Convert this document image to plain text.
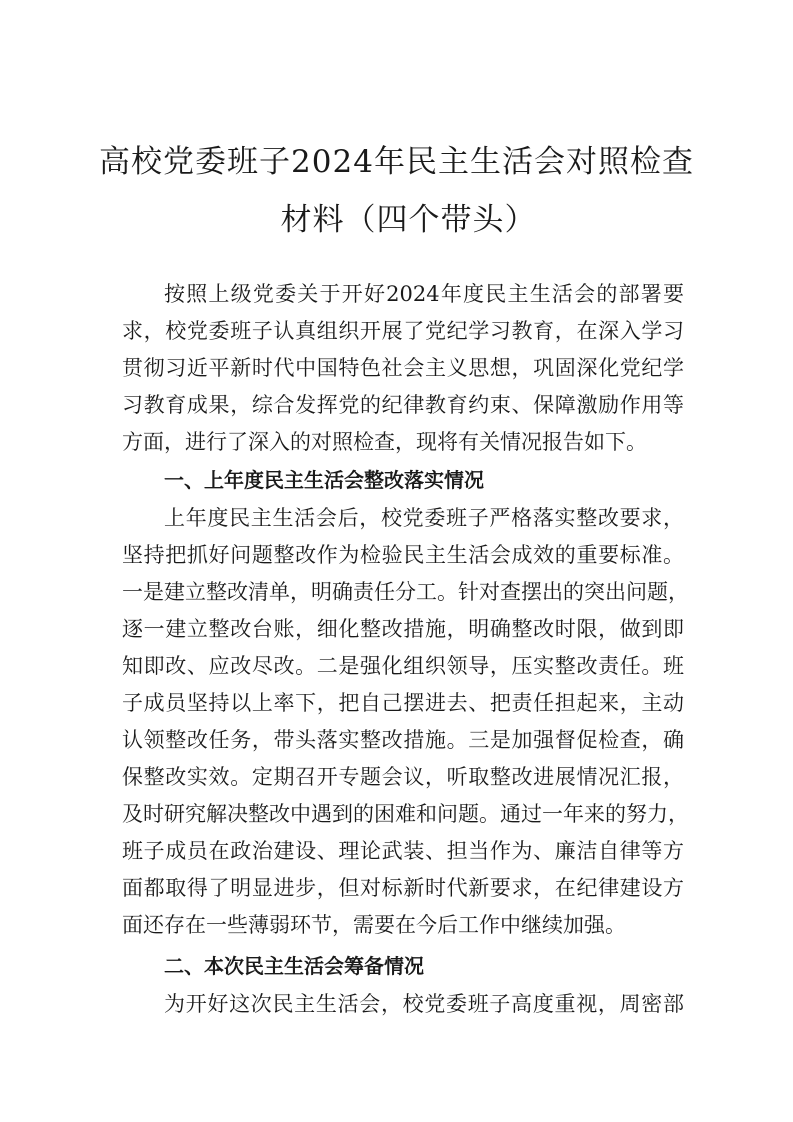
高校党委班子2024年民主生活会对照检查
材料（四个带头）
按照上级党委关于开好2024年度民主生活会的部署要
求，校党委班子认真组织开展了党纪学习教育，在深入学习
贯彻习近平新时代中国特色社会主义思想，巩固深化党纪学
习教育成果，综合发挥党的纪律教育约束、保障激励作用等
方面，进行了深入的对照检查，现将有关情况报告如下。
一、上年度民主生活会整改落实情况
上年度民主生活会后，校党委班子严格落实整改要求，
坚持把抓好问题整改作为检验民主生活会成效的重要标准。
一是建立整改清单，明确责任分工。针对查摆出的突出问题，
逐一建立整改台账，细化整改措施，明确整改时限，做到即
知即改、应改尽改。二是强化组织领导，压实整改责任。班
子成员坚持以上率下，把自己摆进去、把责任担起来，主动
认领整改任务，带头落实整改措施。三是加强督促检查，确
保整改实效。定期召开专题会议，听取整改进展情况汇报，
及时研究解决整改中遇到的困难和问题。通过一年来的努力，
班子成员在政治建设、理论武装、担当作为、廉洁自律等方
面都取得了明显进步，但对标新时代新要求，在纪律建设方
面还存在一些薄弱环节，需要在今后工作中继续加强。
二、本次民主生活会筹备情况
为开好这次民主生活会，校党委班子高度重视，周密部
